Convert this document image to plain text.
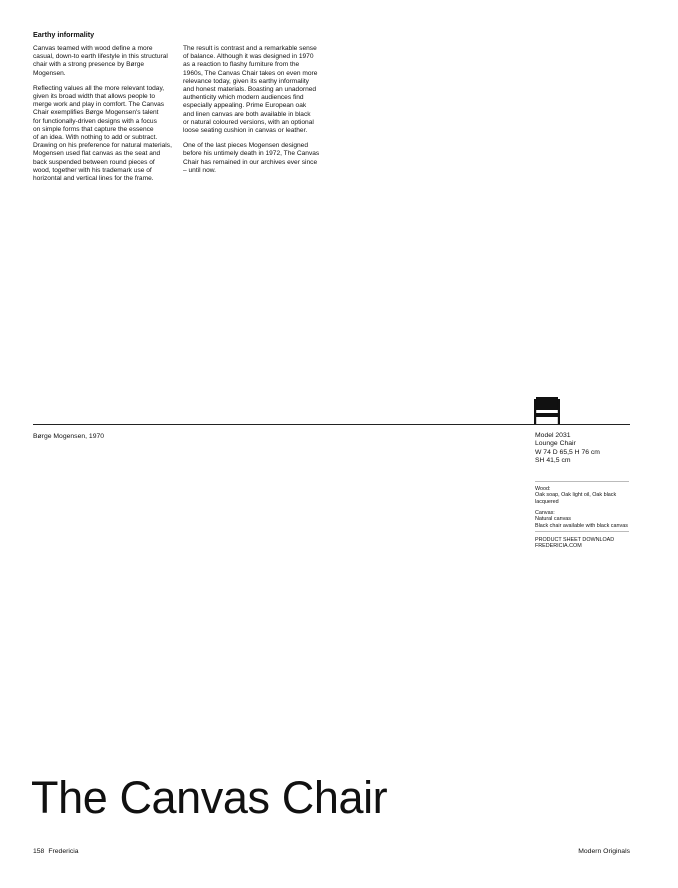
Earthy informality

Canvas teamed with wood define a more
casual, down-to earth lifestyle in this structural
chair with a strong presence by Børge
Mogensen.

Reflecting values all the more relevant today,
given its broad width that allows people to
merge work and play in comfort. The Canvas
Chair exemplifies Børge Mogensen's talent
for functionally-driven designs with a focus
on simple forms that capture the essence
of an idea. With nothing to add or subtract.
Drawing on his preference for natural materials,
Mogensen used flat canvas as the seat and
back suspended between round pieces of
wood, together with his trademark use of
horizontal and vertical lines for the frame.

The result is contrast and a remarkable sense
of balance. Although it was designed in 1970
as a reaction to flashy furniture from the
1960s, The Canvas Chair takes on even more
relevance today, given its earthy informality
and honest materials. Boasting an unadorned
authenticity which modern audiences find
especially appealing. Prime European oak
and linen canvas are both available in black
or natural coloured versions, with an optional
loose seating cushion in canvas or leather.

One of the last pieces Mogensen designed
before his untimely death in 1972, The Canvas
Chair has remained in our archives ever since
– until now.

Børge Mogensen, 1970	Model 2031
Lounge Chair
W 74 D 65,5 H 76 cm
SH 41,5 cm
Wood:
Oak soap, Oak light oil, Oak black
lacquered
Canvas:
Natural canvas
Black chair available with black canvas
PRODUCT SHEET DOWNLOAD
FREDERICIA.COM
The Canvas Chair
158 Fredericia	Modern Originals
